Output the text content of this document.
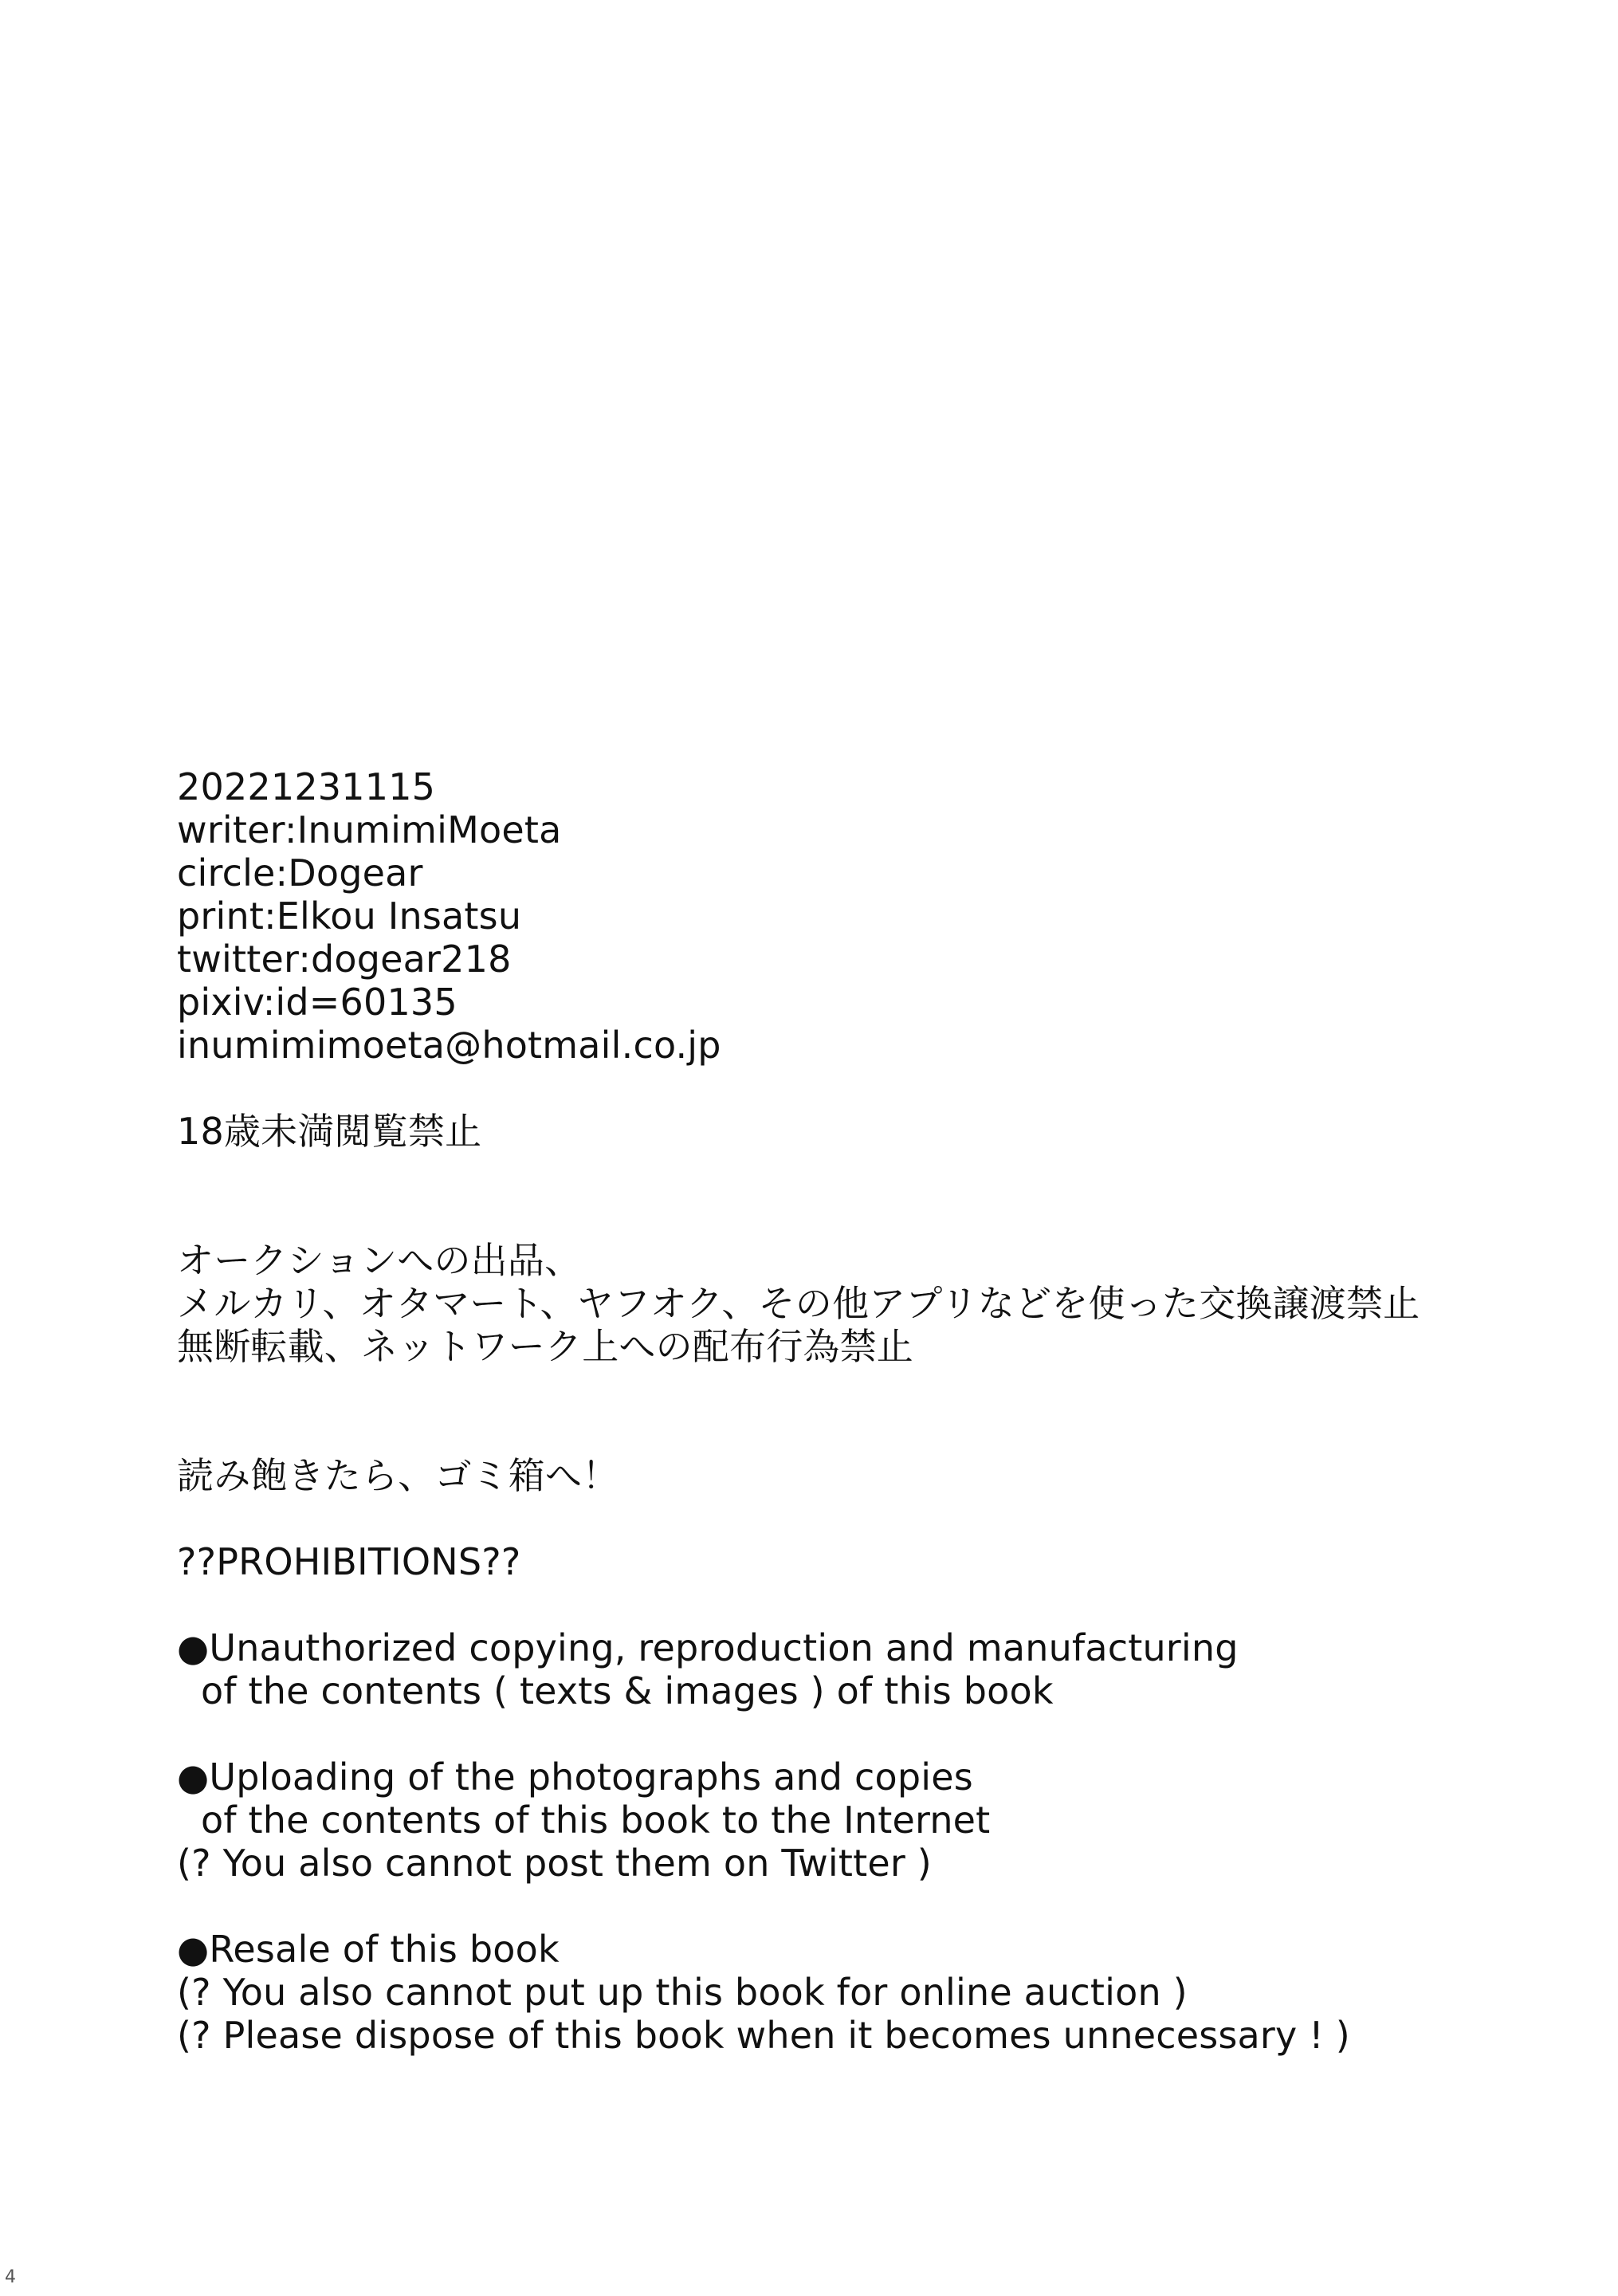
20221231115
writer:InumimiMoeta
circle:Dogear
print:Elkou Insatsu
twitter:dogear218
pixiv:id=60135
inumimimoeta@hotmail.co.jp
18歳未満閲覧禁止
オークションへの出品、
メルカリ、オタマート、ヤフオク、その他アプリなどを使った交換譲渡禁止
無断転載、ネットワーク上への配布行為禁止
読み飽きたら、ゴミ箱へ！
??PROHIBITIONS??
●Unauthorized copying, reproduction and manufacturing
of the contents ( texts & images ) of this book
●Uploading of the photographs and copies
of the contents of this book to the Internet
(? You also cannot post them on Twitter )
●Resale of this book
(? You also cannot put up this book for online auction )
(? Please dispose of this book when it becomes unnecessary ! )
4
